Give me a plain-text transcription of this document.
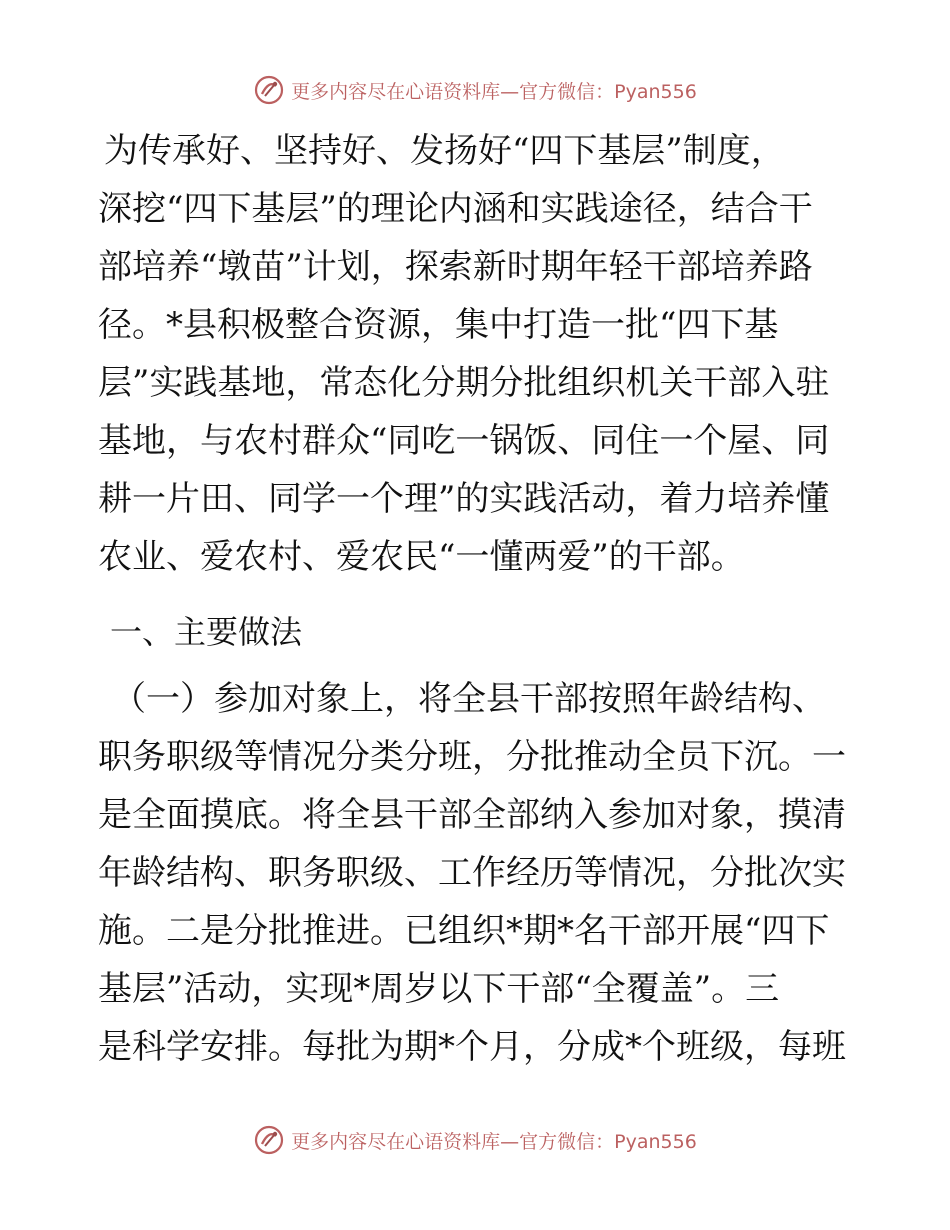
更多内容尽在心语资料库—官方微信：Pyan556
为传承好、坚持好、发扬好“四下基层”制度，
深挖“四下基层”的理论内涵和实践途径，结合干
部培养“墩苗”计划，探索新时期年轻干部培养路
径。*县积极整合资源，集中打造一批“四下基
层”实践基地，常态化分期分批组织机关干部入驻
基地，与农村群众“同吃一锅饭、同住一个屋、同
耕一片田、同学一个理”的实践活动，着力培养懂
农业、爱农村、爱农民“一懂两爱”的干部。
一、主要做法
（一）参加对象上，将全县干部按照年龄结构、
职务职级等情况分类分班，分批推动全员下沉。一
是全面摸底。将全县干部全部纳入参加对象，摸清
年龄结构、职务职级、工作经历等情况，分批次实
施。二是分批推进。已组织*期*名干部开展“四下
基层”活动，实现*周岁以下干部“全覆盖”。三
是科学安排。每批为期*个月，分成*个班级，每班
更多内容尽在心语资料库—官方微信：Pyan556
